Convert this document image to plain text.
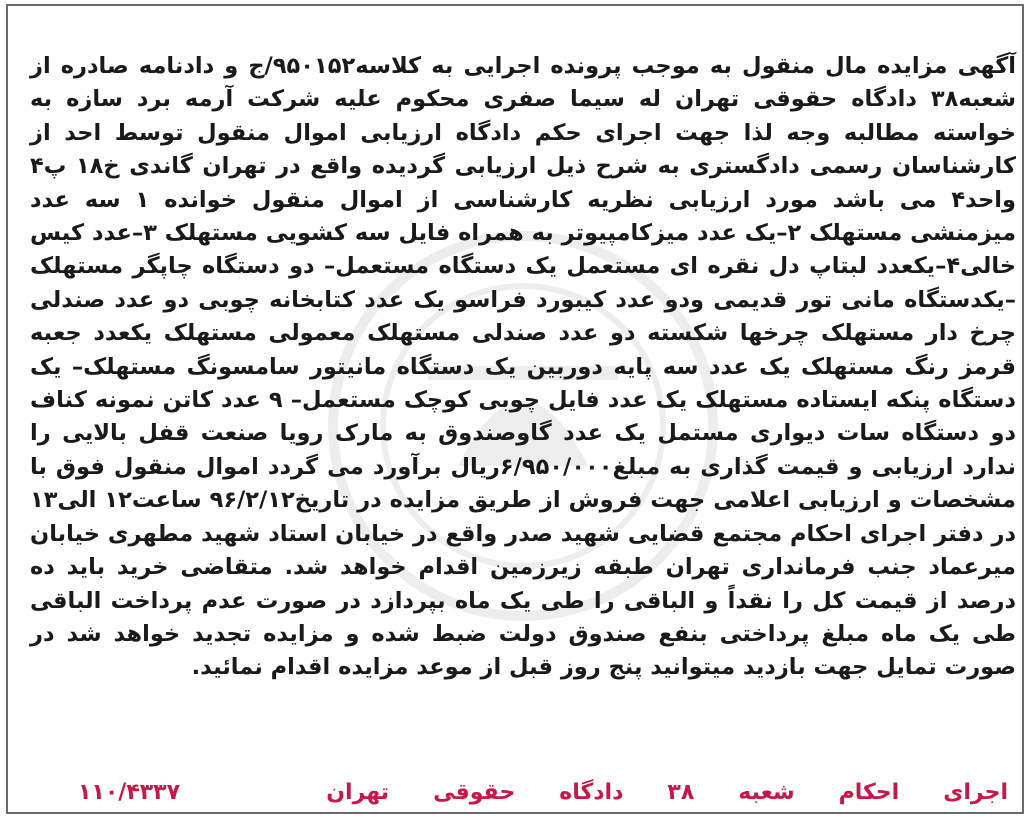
آگهی مزایده مال منقول به موجب پرونده اجرایی به کلاسه۹۵۰۱۵۲/ج و دادنامه صادره از شعبه۳۸ دادگاه حقوقی تهران له سیما صفری محکوم علیه شرکت آرمه برد سازه به خواسته مطالبه وجه لذا جهت اجرای حکم دادگاه ارزیابی اموال منقول توسط احد از کارشناسان رسمی دادگستری به شرح ذیل ارزیابی گردیده واقع در تهران گاندی خ۱۸ پ۴ واحد۴ می باشد مورد ارزیابی نظریه کارشناسی از اموال منقول خوانده ۱ سه عدد میزمنشی مستهلک ۲–یک عدد میزکامپیوتر به همراه فایل سه کشویی مستهلک ۳–عدد کیس خالی۴–یکعدد لبتاپ دل نقره ای مستعمل یک دستگاه مستعمل– دو دستگاه چاپگر مستهلک –یکدستگاه مانی تور قدیمی ودو عدد کیبورد فراسو یک عدد کتابخانه چوبی دو عدد صندلی چرخ دار مستهلک چرخها شکسته دو عدد صندلی مستهلک معمولی مستهلک یکعدد جعبه قرمز رنگ مستهلک یک عدد سه پایه دوربین یک دستگاه مانیتور سامسونگ مستهلک– یک دستگاه پنکه ایستاده مستهلک یک عدد فایل چوبی کوچک مستعمل– ۹ عدد کاتن نمونه کناف دو دستگاه سات دیواری مستمل یک عدد گاوصندوق به مارک رویا صنعت قفل بالایی را ندارد ارزیابی و قیمت گذاری به مبلغ۶/۹۵۰/۰۰۰ریال برآورد می گردد اموال منقول فوق با مشخصات و ارزیابی اعلامی جهت فروش از طریق مزایده در تاریخ۹۶/۲/۱۲ ساعت۱۲ الی۱۳ در دفتر اجرای احکام مجتمع قضایی شهید صدر واقع در خیابان استاد شهید مطهری خیابان میرعماد جنب فرمانداری تهران طبقه زیرزمین اقدام خواهد شد. متقاضی خرید باید ده درصد از قیمت کل را نقداً و الباقی را طی یک ماه بپردازد در صورت عدم پرداخت الباقی طی یک ماه مبلغ پرداختی بنفع صندوق دولت ضبط شده و مزایده تجدید خواهد شد در صورت تمایل جهت بازدید میتوانید پنج روز قبل از موعد مزایده اقدام نمائید.

اجرای
احکام
شعبه
۳۸
دادگاه
حقوقی
تهران
۱۱۰/۴۳۳۷
